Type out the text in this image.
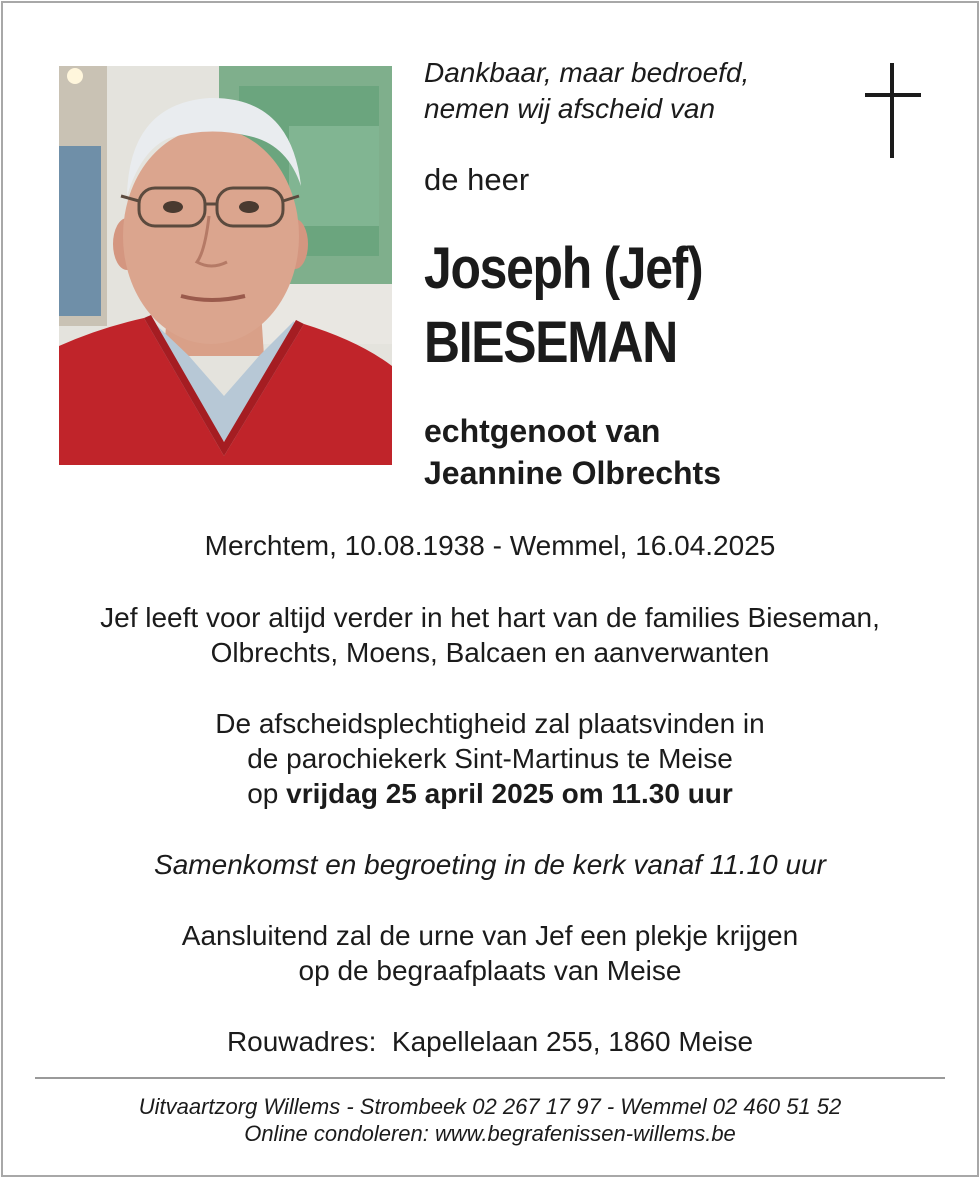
Dankbaar, maar bedroefd,
nemen wij afscheid van
de heer
Joseph (Jef)
BIESEMAN
echtgenoot van
Jeannine Olbrechts
Merchtem, 10.08.1938 - Wemmel, 16.04.2025
Jef leeft voor altijd verder in het hart van de families Bieseman,
Olbrechts, Moens, Balcaen en aanverwanten
De afscheidsplechtigheid zal plaatsvinden in
de parochiekerk Sint-Martinus te Meise
op vrijdag 25 april 2025 om 11.30 uur
Samenkomst en begroeting in de kerk vanaf 11.10 uur
Aansluitend zal de urne van Jef een plekje krijgen
op de begraafplaats van Meise
Rouwadres: Kapellelaan 255, 1860 Meise
Uitvaartzorg Willems - Strombeek 02 267 17 97 - Wemmel 02 460 51 52
Online condoleren: www.begrafenissen-willems.be
